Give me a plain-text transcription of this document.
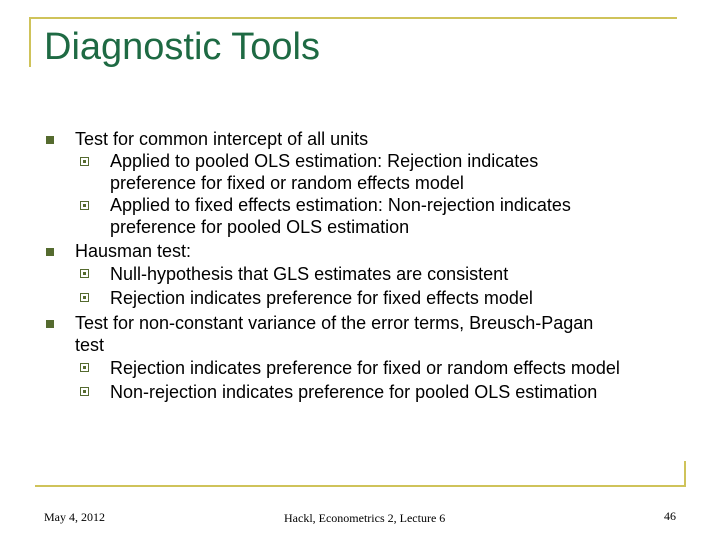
Diagnostic Tools
Test for common intercept of all units
Applied to pooled OLS estimation: Rejection indicates
preference for fixed or random effects model
Applied to fixed effects estimation: Non-rejection indicates
preference for pooled OLS estimation
Hausman test:
Null-hypothesis that GLS estimates are consistent
Rejection indicates preference for fixed effects model
Test for non-constant variance of the error terms, Breusch-Pagan
test
Rejection indicates preference for fixed or random effects model
Non-rejection indicates preference for pooled OLS estimation
May 4, 2012	Hackl, Econometrics 2, Lecture 6	46
